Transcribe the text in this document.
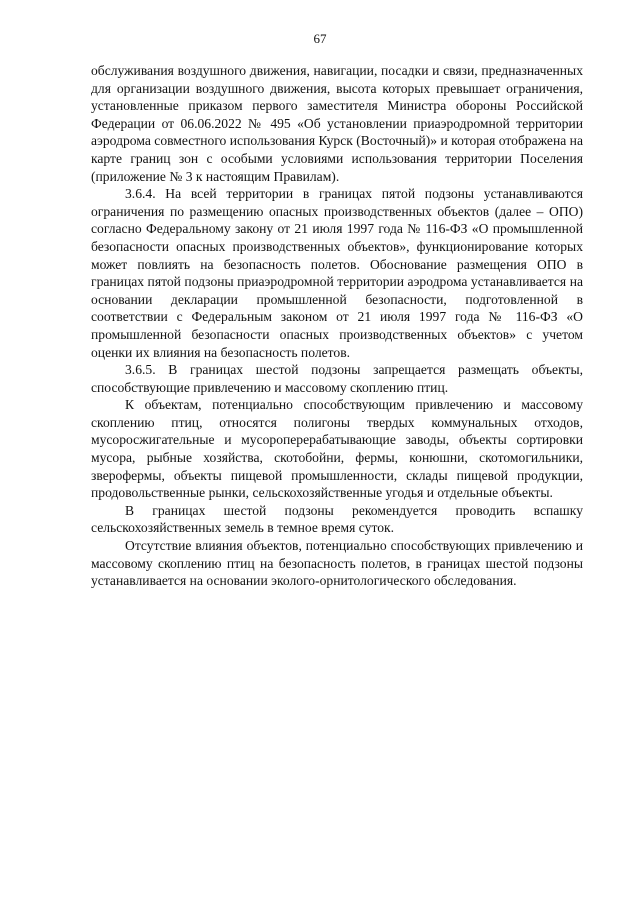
67

обслуживания воздушного движения, навигации, посадки и связи, предназначенных для организации воздушного движения, высота которых превышает ограничения, установленные приказом первого заместителя Министра обороны Российской Федерации от 06.06.2022 № 495 «Об установлении приаэродромной территории аэродрома совместного использования Курск (Восточный)» и которая отображена на карте границ зон с особыми условиями использования территории Поселения (приложение № 3 к настоящим Правилам).

3.6.4. На всей территории в границах пятой подзоны устанавливаются ограничения по размещению опасных производственных объектов (далее – ОПО) согласно Федеральному закону от 21 июля 1997 года № 116-ФЗ «О промышленной безопасности опасных производственных объектов», функционирование которых может повлиять на безопасность полетов. Обоснование размещения ОПО в границах пятой подзоны приаэродромной территории аэродрома устанавливается на основании декларации промышленной безопасности, подготовленной в соответствии с Федеральным законом от 21 июля 1997 года № 116-ФЗ «О промышленной безопасности опасных производственных объектов» с учетом оценки их влияния на безопасность полетов.

3.6.5. В границах шестой подзоны запрещается размещать объекты, способствующие привлечению и массовому скоплению птиц.

К объектам, потенциально способствующим привлечению и массовому скоплению птиц, относятся полигоны твердых коммунальных отходов, мусоросжигательные и мусороперерабатывающие заводы, объекты сортировки мусора, рыбные хозяйства, скотобойни, фермы, конюшни, скотомогильники, зверофермы, объекты пищевой промышленности, склады пищевой продукции, продовольственные рынки, сельскохозяйственные угодья и отдельные объекты.

В границах шестой подзоны рекомендуется проводить вспашку сельскохозяйственных земель в темное время суток.

Отсутствие влияния объектов, потенциально способствующих привлечению и массовому скоплению птиц на безопасность полетов, в границах шестой подзоны устанавливается на основании эколого-орнитологического обследования.
